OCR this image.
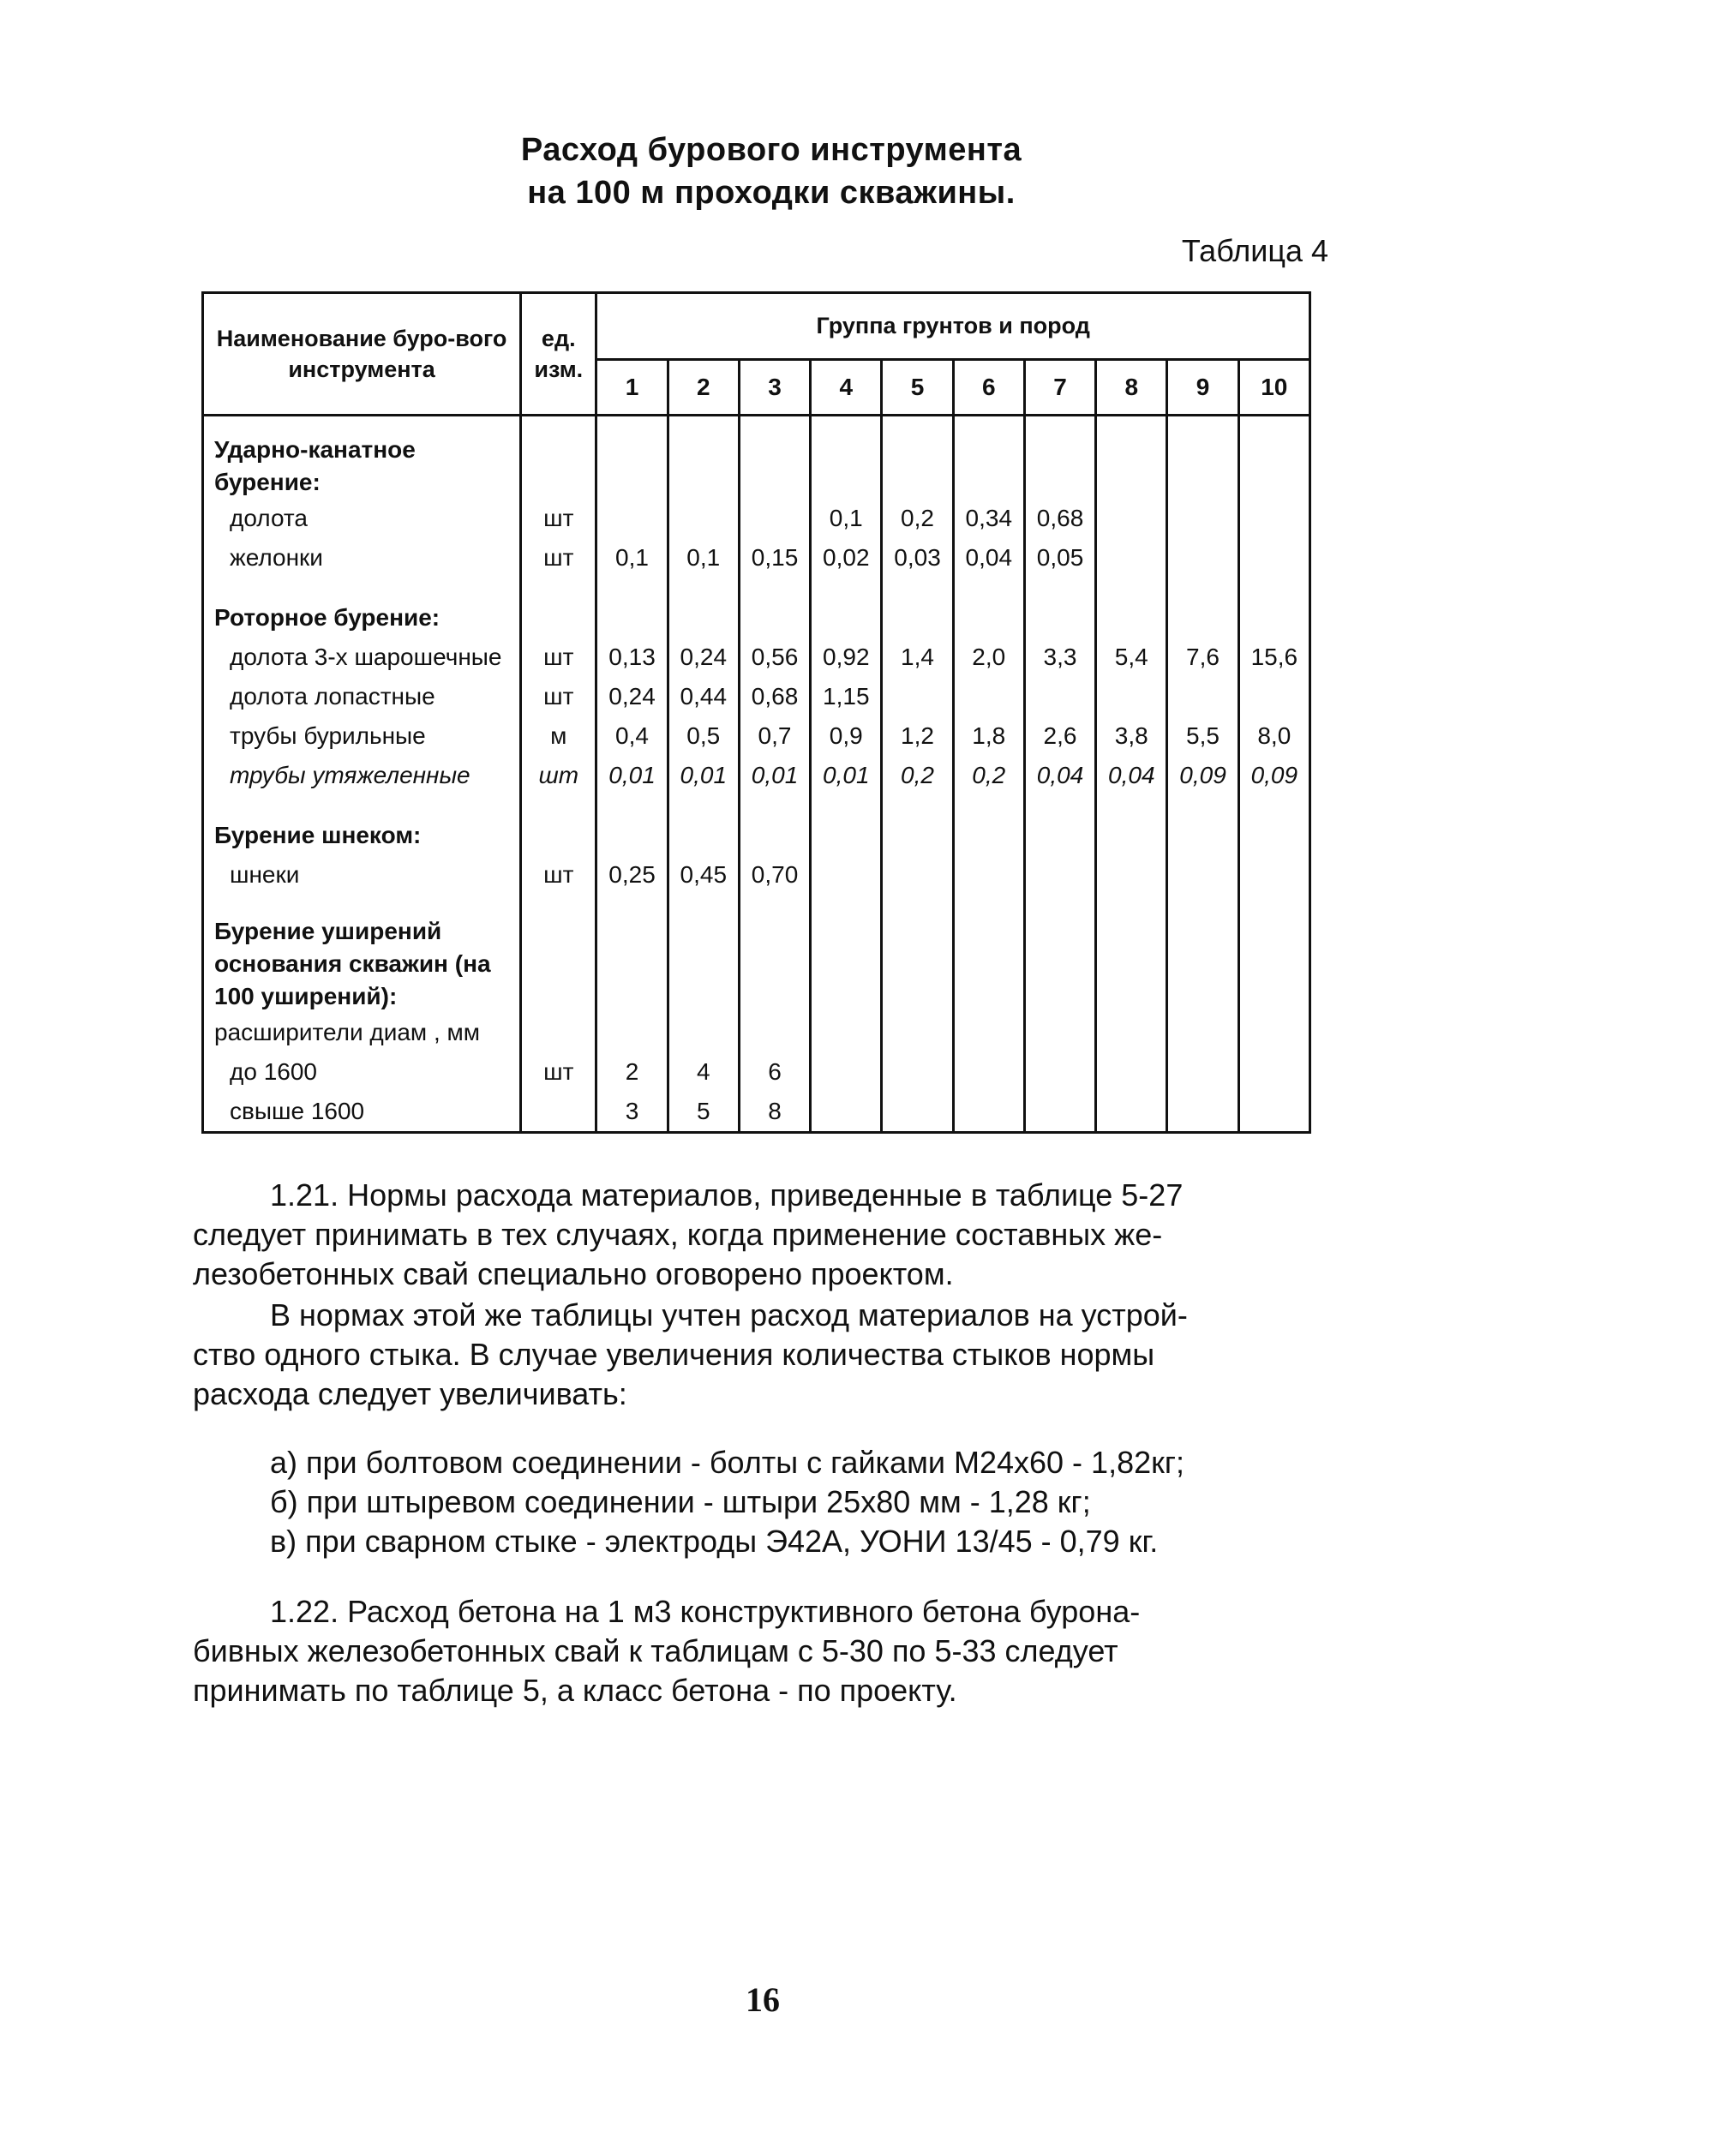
Расход бурового инструмента
на 100 м проходки скважины.
Таблица 4
Наименование буро-вого инструмента	ед. изм.	Группа грунтов и пород									
		1	2	3	4	5	6	7	8	9	10
Ударно-канатное бурение:											
долота	шт				0,1	0,2	0,34	0,68			
желонки	шт	0,1	0,1	0,15	0,02	0,03	0,04	0,05			

Роторное бурение:											
долота 3-х шарошечные	шт	0,13	0,24	0,56	0,92	1,4	2,0	3,3	5,4	7,6	15,6
долота лопастные	шт	0,24	0,44	0,68	1,15						
трубы бурильные	м	0,4	0,5	0,7	0,9	1,2	1,8	2,6	3,8	5,5	8,0
трубы утяжеленные	шт	0,01	0,01	0,01	0,01	0,2	0,2	0,04	0,04	0,09	0,09

Бурение шнеком:											
шнеки	шт	0,25	0,45	0,70							

Бурение уширений основания скважин (на 100 уширений):											
расширители диам , мм											
до 1600	шт	2	4	6							
свыше 1600		3	5	8							
1.21. Нормы расхода материалов, приведенные в таблице 5-27
следует принимать в тех случаях, когда применение составных же-
лезобетонных свай специально оговорено проектом.
В нормах этой же таблицы учтен расход материалов на устрой-
ство одного стыка. В случае увеличения количества стыков нормы
расхода следует увеличивать:
а) при болтовом соединении - болты с гайками М24х60 - 1,82кг;
б) при штыревом соединении - штыри 25х80 мм - 1,28 кг;
в) при сварном стыке - электроды Э42А, УОНИ 13/45 - 0,79 кг.
1.22. Расход бетона на 1 м3 конструктивного бетона бурона-
бивных железобетонных свай к таблицам с 5-30 по 5-33 следует
принимать по таблице 5, а класс бетона - по проекту.
16
